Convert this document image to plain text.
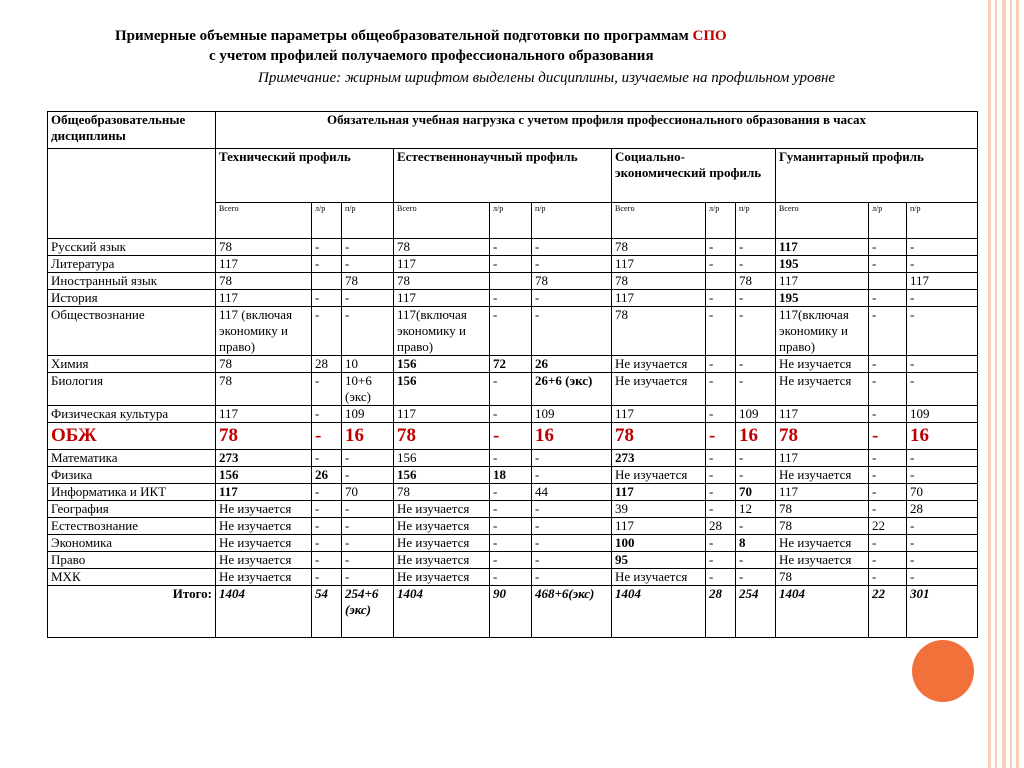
Примерные объемные параметры общеобразовательной подготовки по программам СПО
с учетом профилей получаемого профессионального образования
Примечание: жирным шрифтом выделены дисциплины, изучаемые на профильном уровне
Общеобразовательные дисциплины	Обязательная учебная нагрузка с учетом профиля профессионального образования в часах											
	Технический профиль			Естественнонаучный профиль			Социально-экономический профиль			Гуманитарный профиль		
	Всего	л/р	п/р	Всего	л/р	п/р	Всего	л/р	п/р	Всего	л/р	п/р
Русский язык	78	-	-	78	-	-	78	-	-	117	-	-
Литература	117	-	-	117	-	-	117	-	-	195	-	-
Иностранный язык	78		78	78		78	78		78	117		117
История	117	-	-	117	-	-	117	-	-	195	-	-
Обществознание	117 (включая экономику и право)	-	-	117(включая экономику и право)	-	-	78	-	-	117(включая экономику и право)	-	-
Химия	78	28	10	156	72	26	Не изучается	-	-	Не изучается	-	-
Биология	78	-	10+6 (экс)	156	-	26+6 (экс)	Не изучается	-	-	Не изучается	-	-
Физическая культура	117	-	109	117	-	109	117	-	109	117	-	109
ОБЖ	78	-	16	78	-	16	78	-	16	78	-	16
Математика	273	-	-	156	-	-	273	-	-	117	-	-
Физика	156	26	-	156	18	-	Не изучается	-	-	Не изучается	-	-
Информатика и ИКТ	117	-	70	78	-	44	117	-	70	117	-	70
География	Не изучается	-	-	Не изучается	-	-	39	-	12	78	-	28
Естествознание	Не изучается	-	-	Не изучается	-	-	117	28	-	78	22	-
Экономика	Не изучается	-	-	Не изучается	-	-	100	-	8	Не изучается	-	-
Право	Не изучается	-	-	Не изучается	-	-	95	-	-	Не изучается	-	-
МХК	Не изучается	-	-	Не изучается	-	-	Не изучается	-	-	78	-	-
Итого:	1404	54	254+6 (экс)	1404	90	468+6(экс)	1404	28	254	1404	22	301
